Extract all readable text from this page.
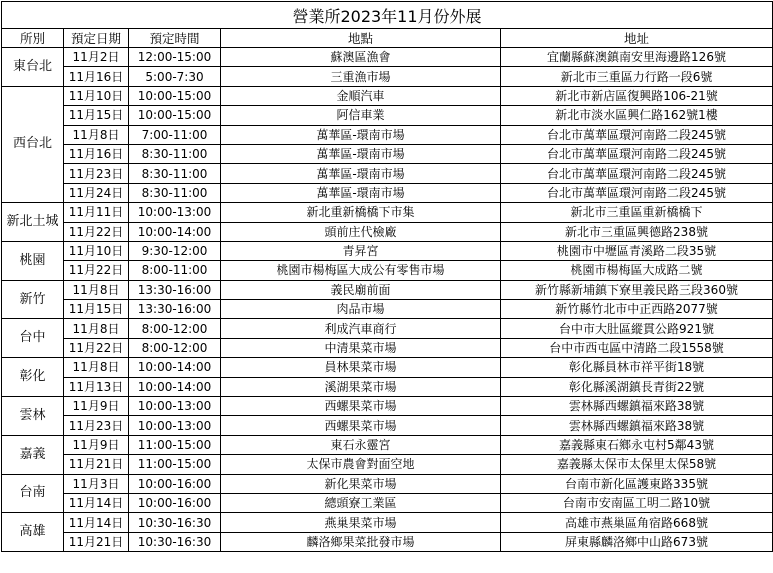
營業所2023年11月份外展				
所別	預定日期	預定時間	地點	地址
東台北	11月2日	12:00-15:00	蘇澳區漁會	宜蘭縣蘇澳鎮南安里海邊路126號
	11月16日	5:00-7:30	三重漁市場	新北市三重區力行路一段6號
西台北	11月10日	10:00-15:00	金順汽車	新北市新店區復興路106-21號
	11月15日	10:00-15:00	阿信車業	新北市淡水區興仁路162號1樓
	11月8日	7:00-11:00	萬華區-環南市場	台北市萬華區環河南路二段245號
	11月16日	8:30-11:00	萬華區-環南市場	台北市萬華區環河南路二段245號
	11月23日	8:30-11:00	萬華區-環南市場	台北市萬華區環河南路二段245號
	11月24日	8:30-11:00	萬華區-環南市場	台北市萬華區環河南路二段245號
新北土城	11月11日	10:00-13:00	新北重新橋橋下市集	新北市三重區重新橋橋下
	11月22日	10:00-14:00	頭前庄代檢廠	新北市三重區興德路238號
桃園	11月10日	9:30-12:00	青昇宮	桃園市中壢區青溪路二段35號
	11月22日	8:00-11:00	桃園市楊梅區大成公有零售市場	桃園市楊梅區大成路二號
新竹	11月8日	13:30-16:00	義民廟前面	新竹縣新埔鎮下寮里義民路三段360號
	11月15日	13:30-16:00	肉品市場	新竹縣竹北市中正西路2077號
台中	11月8日	8:00-12:00	利成汽車商行	台中市大肚區縱貫公路921號
	11月22日	8:00-12:00	中清果菜市場	台中市西屯區中清路二段1558號
彰化	11月8日	10:00-14:00	員林果菜市場	彰化縣員林市祥平街18號
	11月13日	10:00-14:00	溪湖果菜市場	彰化縣溪湖鎮長青街22號
雲林	11月9日	10:00-13:00	西螺果菜市場	雲林縣西螺鎮福來路38號
	11月23日	10:00-13:00	西螺果菜市場	雲林縣西螺鎮福來路38號
嘉義	11月9日	11:00-15:00	東石永靈宮	嘉義縣東石鄉永屯村5鄰43號
	11月21日	11:00-15:00	太保市農會對面空地	嘉義縣太保市太保里太保58號
台南	11月3日	10:00-16:00	新化果菜市場	台南市新化區護東路335號
	11月14日	10:00-16:00	總頭寮工業區	台南市安南區工明二路10號
高雄	11月14日	10:30-16:30	燕巢果菜市場	高雄市燕巢區角宿路668號
	11月21日	10:30-16:30	麟洛鄉果菜批發市場	屏東縣麟洛鄉中山路673號
